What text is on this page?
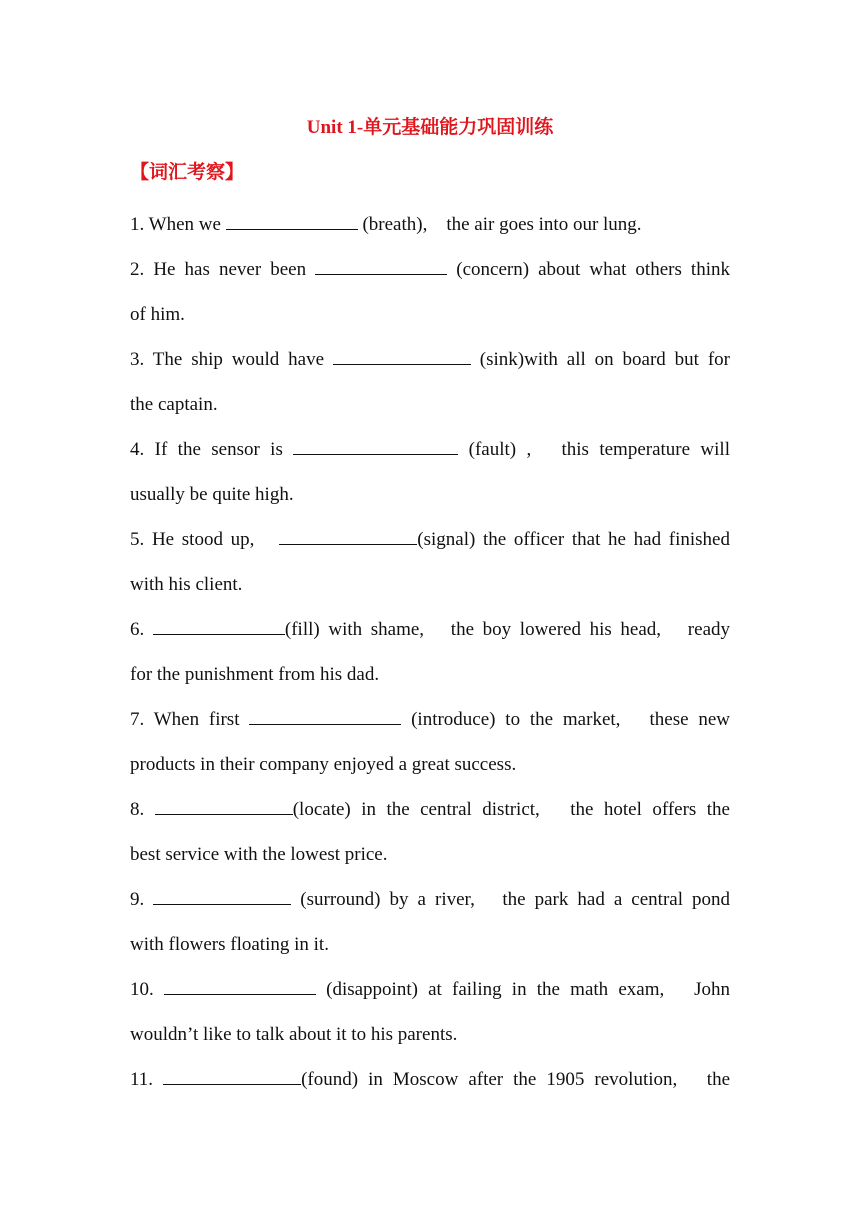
Unit 1-单元基础能力巩固训练
【词汇考察】

1. When we	(breath),　the air goes into our lung.

2. He has never been	(concern) about what others think

of him.

3. The ship would have	(sink)with all on board but for

the captain.

4. If the sensor is	(fault) ,　this temperature will

usually be quite high.

5. He stood up,　	(signal) the officer that he had finished

with his client.

6.	(fill) with shame,　the boy lowered his head,　ready

for the punishment from his dad.

7. When first	(introduce) to the market,　these new

products in their company enjoyed a great success.

8.	(locate) in the central district,　the hotel offers the

best service with the lowest price.

9.	(surround) by a river,　the park had a central pond

with flowers floating in it.

10.	(disappoint) at failing in the math exam,　John

wouldn’t like to talk about it to his parents.

11.	(found) in Moscow after the 1905 revolution,　the
